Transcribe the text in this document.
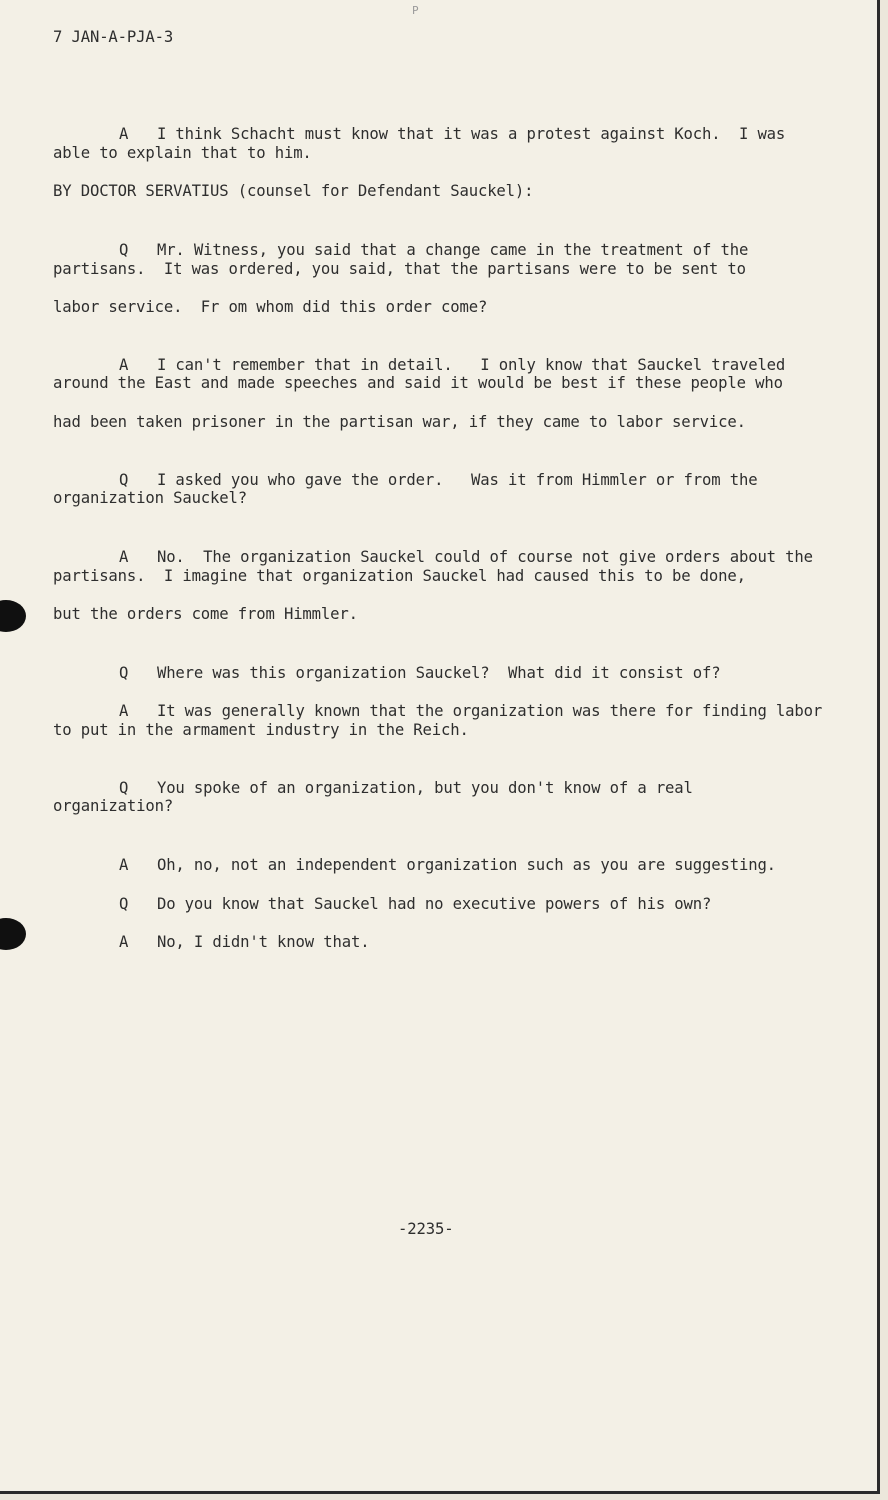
P
7 JAN-A-PJA-3

A I think Schacht must know that it was a protest against Koch.  I was

able to explain that to him.
BY DOCTOR SERVATIUS (counsel for Defendant Sauckel):

Q Mr. Witness, you said that a change came in the treatment of the

partisans.  It was ordered, you said, that the partisans were to be sent to
labor service.  Fr om whom did this order come?

A I can't remember that in detail.   I only know that Sauckel traveled

around the East and made speeches and said it would be best if these people who
had been taken prisoner in the partisan war, if they came to labor service.

Q I asked you who gave the order.   Was it from Himmler or from the

organization Sauckel?

A No.  The organization Sauckel could of course not give orders about the

partisans.  I imagine that organization Sauckel had caused this to be done,
but the orders come from Himmler.

Q Where was this organization Sauckel?  What did it consist of?

A It was generally known that the organization was there for finding labor

to put in the armament industry in the Reich.

Q You spoke of an organization, but you don't know of a real

organization?

A Oh, no, not an independent organization such as you are suggesting.

Q Do you know that Sauckel had no executive powers of his own?

A No, I didn't know that.

-2235-
